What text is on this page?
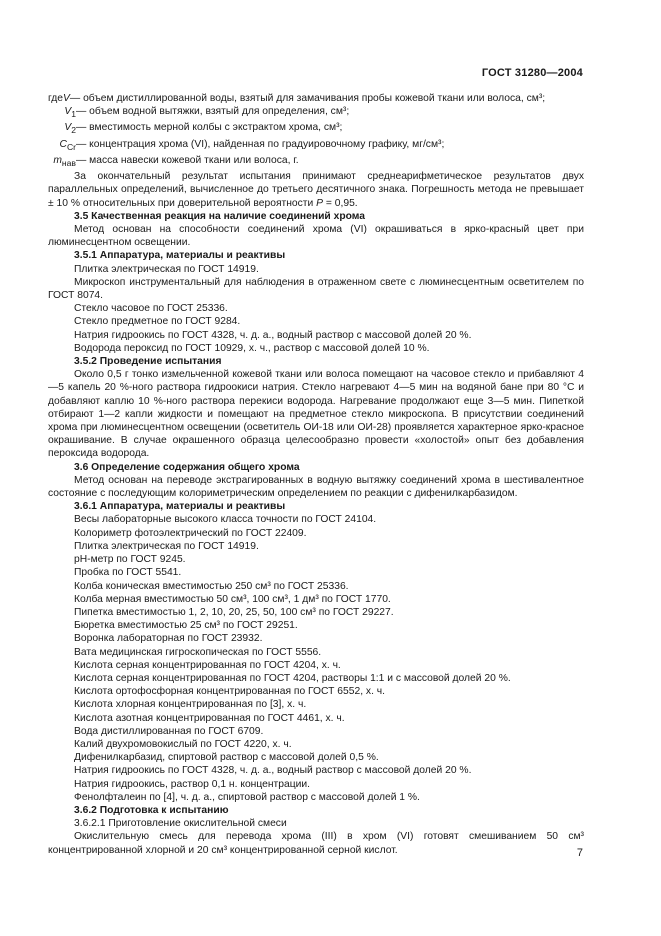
ГОСТ 31280—2004
где V — объем дистиллированной воды, взятый для замачивания пробы кожевой ткани или волоса, см³;
$V_1$ — объем водной вытяжки, взятый для определения, см³;
$V_2$ — вместимость мерной колбы с экстрактом хрома, см³;
$C_{Cr}$ — концентрация хрома (VI), найденная по градуировочному графику, мг/см³;
$m_{нав}$ — масса навески кожевой ткани или волоса, г.

За окончательный результат испытания принимают среднеарифметическое результатов двух параллельных определений, вычисленное до третьего десятичного знака. Погрешность метода не превышает ± 10 % относительных при доверительной вероятности P = 0,95.

3.5 Качественная реакция на наличие соединений хрома

Метод основан на способности соединений хрома (VI) окрашиваться в ярко-красный цвет при люминесцентном освещении.

3.5.1 Аппаратура, материалы и реактивы

Плитка электрическая по ГОСТ 14919.

Микроскоп инструментальный для наблюдения в отраженном свете с люминесцентным осветителем по ГОСТ 8074.

Стекло часовое по ГОСТ 25336.

Стекло предметное по ГОСТ 9284.

Натрия гидроокись по ГОСТ 4328, ч. д. а., водный раствор с массовой долей 20 %.

Водорода пероксид по ГОСТ 10929, х. ч., раствор с массовой долей 10 %.

3.5.2 Проведение испытания

Около 0,5 г тонко измельченной кожевой ткани или волоса помещают на часовое стекло и прибавляют 4—5 капель 20 %-ного раствора гидроокиси натрия. Стекло нагревают 4—5 мин на водяной бане при 80 °С и добавляют каплю 10 %-ного раствора перекиси водорода. Нагревание продолжают еще 3—5 мин. Пипеткой отбирают 1—2 капли жидкости и помещают на предметное стекло микроскопа. В присутствии соединений хрома при люминесцентном освещении (осветитель ОИ-18 или ОИ-28) проявляется характерное ярко-красное окрашивание. В случае окрашенного образца целесообразно провести «холостой» опыт без добавления пероксида водорода.

3.6 Определение содержания общего хрома

Метод основан на переводе экстрагированных в водную вытяжку соединений хрома в шестивалентное состояние с последующим колориметрическим определением по реакции с дифенилкарбазидом.

3.6.1 Аппаратура, материалы и реактивы

Весы лабораторные высокого класса точности по ГОСТ 24104.

Колориметр фотоэлектрический по ГОСТ 22409.

Плитка электрическая по ГОСТ 14919.

рН-метр по ГОСТ 9245.

Пробка по ГОСТ 5541.

Колба коническая вместимостью 250 см³ по ГОСТ 25336.

Колба мерная вместимостью 50 см³, 100 см³, 1 дм³ по ГОСТ 1770.

Пипетка вместимостью 1, 2, 10, 20, 25, 50, 100 см³ по ГОСТ 29227.

Бюретка вместимостью 25 см³ по ГОСТ 29251.

Воронка лабораторная по ГОСТ 23932.

Вата медицинская гигроскопическая по ГОСТ 5556.

Кислота серная концентрированная по ГОСТ 4204, х. ч.

Кислота серная концентрированная по ГОСТ 4204, растворы 1:1 и с массовой долей 20 %.

Кислота ортофосфорная концентрированная по ГОСТ 6552, х. ч.

Кислота хлорная концентрированная по [3], х. ч.

Кислота азотная концентрированная по ГОСТ 4461, х. ч.

Вода дистиллированная по ГОСТ 6709.

Калий двухромовокислый по ГОСТ 4220, х. ч.

Дифенилкарбазид, спиртовой раствор с массовой долей 0,5 %.

Натрия гидроокись по ГОСТ 4328, ч. д. а., водный раствор с массовой долей 20 %.

Натрия гидроокись, раствор 0,1 н. концентрации.

Фенолфталеин по [4], ч. д. а., спиртовой раствор с массовой долей 1 %.

3.6.2 Подготовка к испытанию

3.6.2.1 Приготовление окислительной смеси

Окислительную смесь для перевода хрома (III) в хром (VI) готовят смешиванием 50 см³ концентрированной хлорной и 20 см³ концентрированной серной кислот.	7
